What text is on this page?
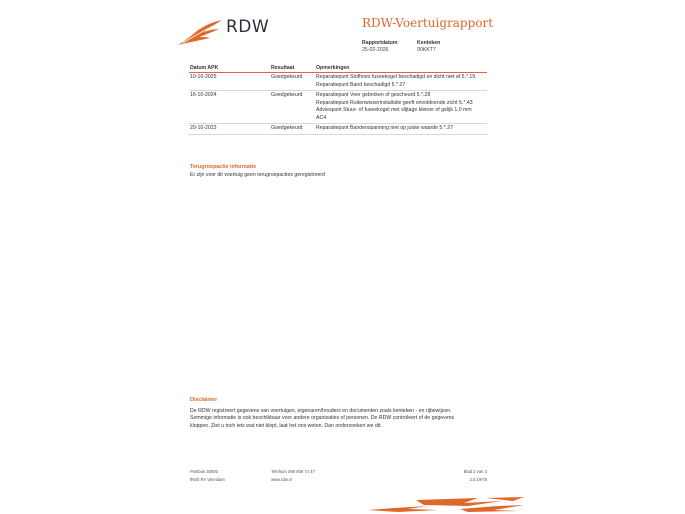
RDW	RDW-Voertuigrapport
Rapportdatum
25-02-2026
Kenteken
90KKT7
Datum APK	Resultaat	Opmerkingen
10-10-2025	Goedgekeurd	Reparatiepunt Stofhoes fuseekogel beschadigd en dicht niet af 5.*.19
Reparatiepunt Band beschadigd 5.*.27
16-10-2024	Goedgekeurd	Reparatiepunt Veer gebroken of gescheurd 5.*.28
Reparatiepunt Ruitenwisserinstallatie geeft onvoldoende zicht 5.*.43
Adviespunt Stuur- of fuseekogel met slijtage kleiner of gelijk 1,0 mm AC4
20-10-2023	Goedgekeurd	Reparatiepunt Bandenspanning niet op juiste waarde 5.*.27
Terugroepactie informatie
Er zijn voor dit voertuig geen terugroepacties geregistreerd
Disclaimer
De RDW registreert gegevens van voertuigen, eigenaren/houders en documenten zoals kenteken - en rijbewijzen.
Sommige informatie is ook beschikbaar voor andere organisaties of personen. De RDW controleert of de gegevens
kloppen. Ziet u toch iets wat niet klopt, laat het ons weten. Dan onderzoeken we dit.
Postbus 30000
9640 RA Veendam
Telefoon 088 008 74 47
www.rdw.nl
Blad 2 van 3
2.0.19/78
